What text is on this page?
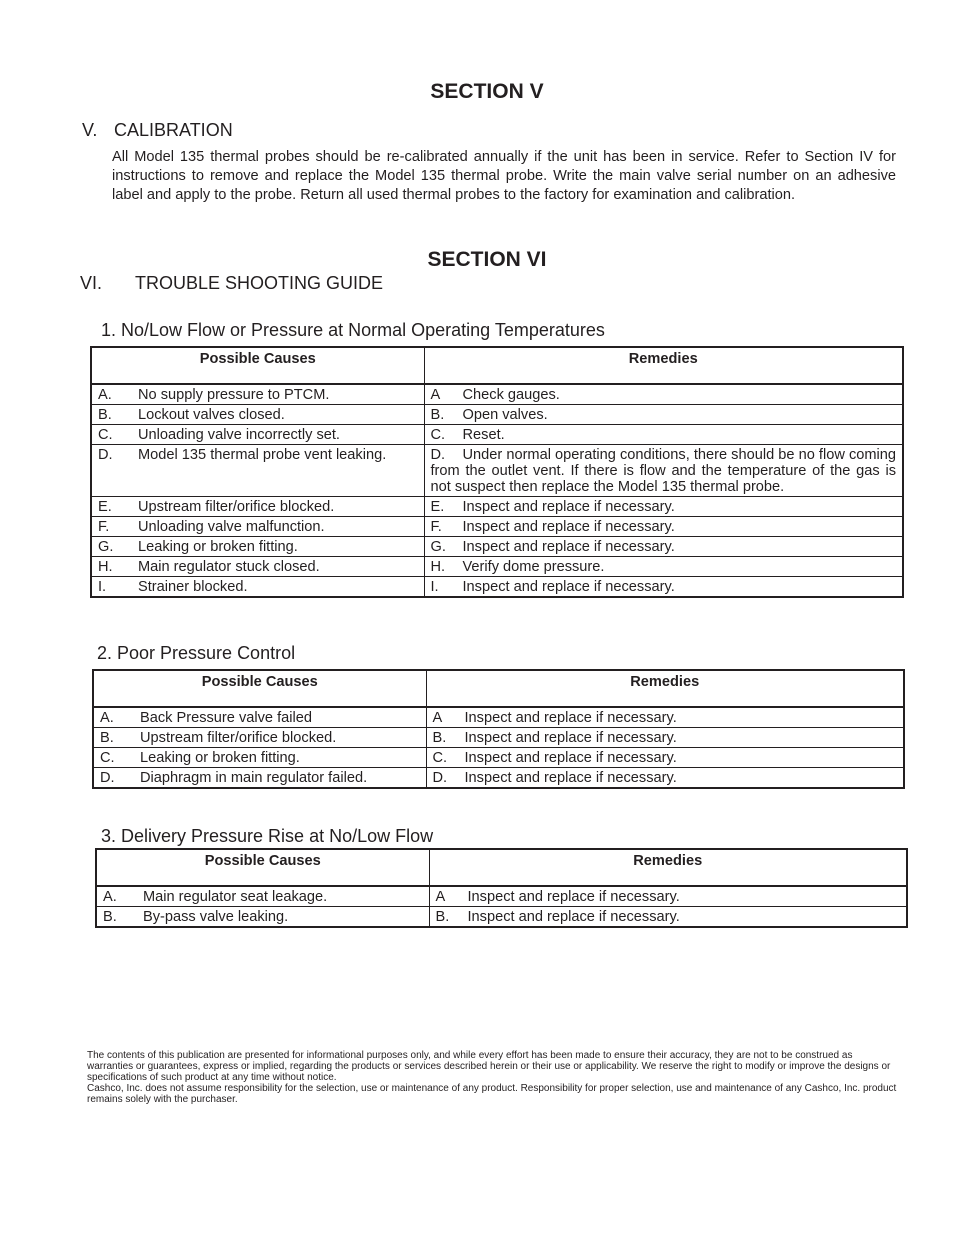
SECTION V
V. CALIBRATION
All Model 135 thermal probes should be re-calibrated annually if the unit has been in service. Refer to Section IV for instructions to remove and replace the Model 135 thermal probe. Write the main valve serial number on an adhesive label and apply to the probe. Return all used thermal probes to the factory for examination and calibration.
SECTION VI
VI. TROUBLE SHOOTING GUIDE
1. No/Low Flow or Pressure at Normal Operating Temperatures
Possible Causes	Remedies
A. No supply pressure to PTCM.	A Check gauges.
B. Lockout valves closed.	B. Open valves.
C. Unloading valve incorrectly set.	C. Reset.
D. Model 135 thermal probe vent leaking.	D. Under normal operating conditions, there should be no flow coming from the outlet vent. If there is flow and the temperature of the gas is not suspect then replace the Model 135 thermal probe.
E. Upstream filter/orifice blocked.	E. Inspect and replace if necessary.
F. Unloading valve malfunction.	F. Inspect and replace if necessary.
G. Leaking or broken fitting.	G. Inspect and replace if necessary.
H. Main regulator stuck closed.	H. Verify dome pressure.
I. Strainer blocked.	I. Inspect and replace if necessary.
2. Poor Pressure Control
Possible Causes	Remedies
A. Back Pressure valve failed	A Inspect and replace if necessary.
B. Upstream filter/orifice blocked.	B. Inspect and replace if necessary.
C. Leaking or broken fitting.	C. Inspect and replace if necessary.
D. Diaphragm in main regulator failed.	D. Inspect and replace if necessary.
3. Delivery Pressure Rise at No/Low Flow
Possible Causes	Remedies
A. Main regulator seat leakage.	A Inspect and replace if necessary.
B. By-pass valve leaking.	B. Inspect and replace if necessary.
The contents of this publication are presented for informational purposes only, and while every effort has been made to ensure their accuracy, they are not to be construed as warranties or guarantees, express or implied, regarding the products or services described herein or their use or applicability. We reserve the right to modify or improve the designs or specifications of such product at any time without notice.
Cashco, Inc. does not assume responsibility for the selection, use or maintenance of any product. Responsibility for proper selection, use and maintenance of any Cashco, Inc. product remains solely with the purchaser.
